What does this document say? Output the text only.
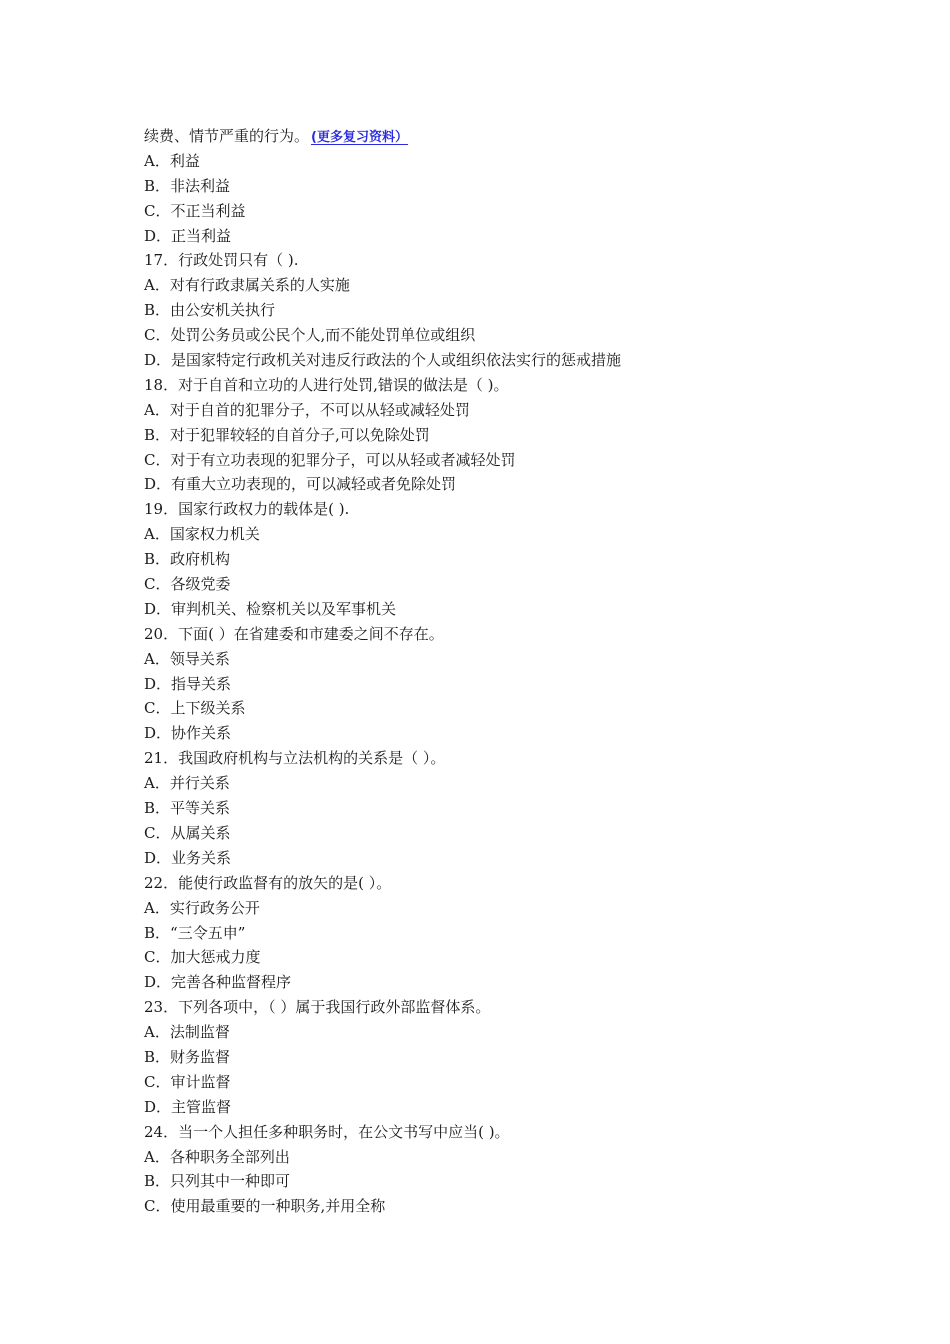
续费、情节严重的行为。 (更多复习资料）
A．利益
B．非法利益
C．不正当利益
D．正当利益
17．行政处罚只有（ ).
A．对有行政隶属关系的人实施
B．由公安机关执行
C．处罚公务员或公民个人,而不能处罚单位或组织
D．是国家特定行政机关对违反行政法的个人或组织依法实行的惩戒措施
18．对于自首和立功的人进行处罚,错误的做法是（ )。
A．对于自首的犯罪分子，不可以从轻或减轻处罚
B．对于犯罪较轻的自首分子,可以免除处罚
C．对于有立功表现的犯罪分子，可以从轻或者减轻处罚
D．有重大立功表现的，可以减轻或者免除处罚
19．国家行政权力的载体是( ).
A．国家权力机关
B．政府机构
C．各级党委
D．审判机关、检察机关以及军事机关
20．下面( ）在省建委和市建委之间不存在。
A．领导关系
D．指导关系
C．上下级关系
D．协作关系
21．我国政府机构与立法机构的关系是（ ）。
A．并行关系
B．平等关系
C．从属关系
D．业务关系
22．能使行政监督有的放矢的是( ）。
A．实行政务公开
B．“三令五申”
C．加大惩戒力度
D．完善各种监督程序
23．下列各项中，（ ）属于我国行政外部监督体系。
A．法制监督
B．财务监督
C．审计监督
D．主管监督
24．当一个人担任多种职务时，在公文书写中应当( )。
A．各种职务全部列出
B．只列其中一种即可
C．使用最重要的一种职务,并用全称
